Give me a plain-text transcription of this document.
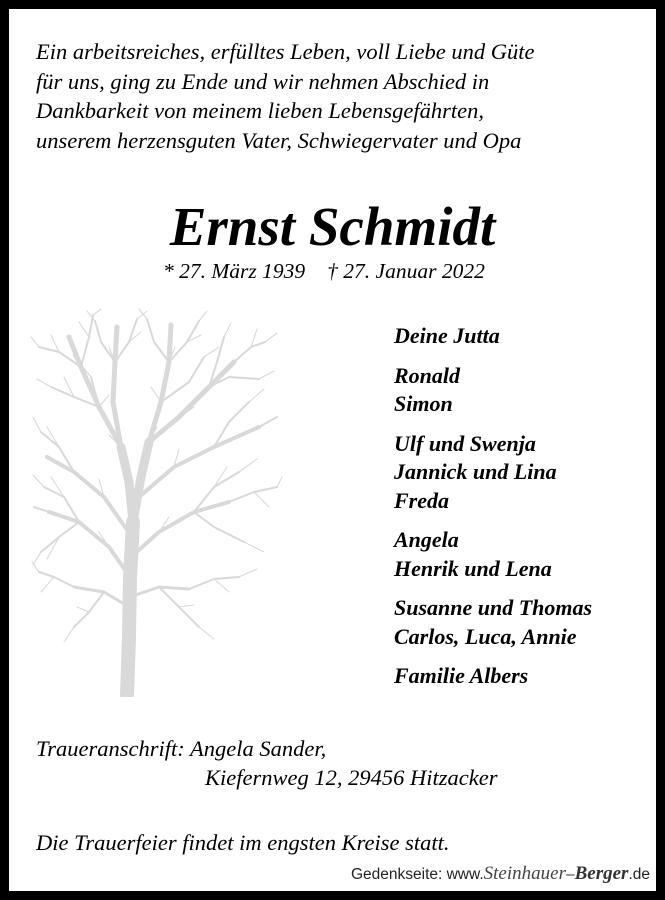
Ein arbeitsreiches, erfülltes Leben, voll Liebe und Güte
für uns, ging zu Ende und wir nehmen Abschied in
Dankbarkeit von meinem lieben Lebensgefährten,
unserem herzensguten Vater, Schwiegervater und Opa
Ernst Schmidt
* 27. März 1939 † 27. Januar 2022
Deine Jutta
Ronald
Simon
Ulf und Swenja
Jannick und Lina
Freda
Angela
Henrik und Lena
Susanne und Thomas
Carlos, Luca, Annie
Familie Albers
Traueranschrift: Angela Sander,
Kiefernweg 12, 29456 Hitzacker
Die Trauerfeier findet im engsten Kreise statt.
Gedenkseite: www.Steinhauer–Berger.de
